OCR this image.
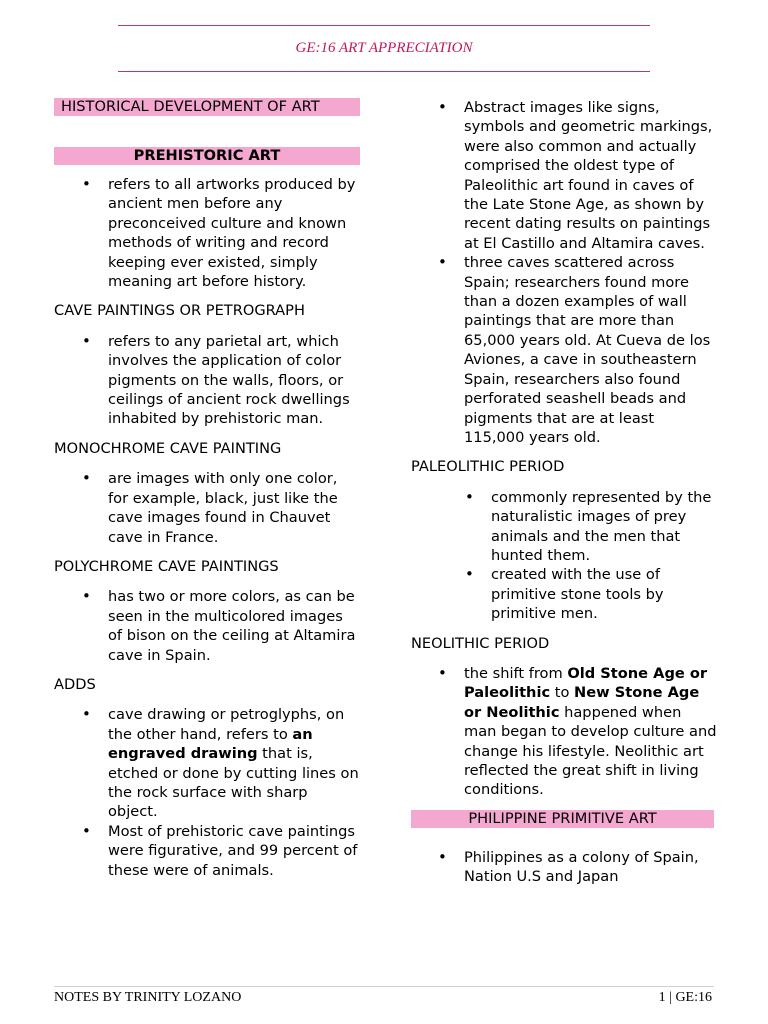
GE:16 ART APPRECIATION
HISTORICAL DEVELOPMENT OF ART
PREHISTORIC ART
• refers to all artworks produced by ancient men before any preconceived culture and known methods of writing and record keeping ever existed, simply meaning art before history.
CAVE PAINTINGS OR PETROGRAPH
• refers to any parietal art, which involves the application of color pigments on the walls, floors, or ceilings of ancient rock dwellings inhabited by prehistoric man.
MONOCHROME CAVE PAINTING
• are images with only one color, for example, black, just like the cave images found in Chauvet cave in France.
POLYCHROME CAVE PAINTINGS
• has two or more colors, as can be seen in the multicolored images of bison on the ceiling at Altamira cave in Spain.
ADDS
• cave drawing or petroglyphs, on the other hand, refers to an engraved drawing that is, etched or done by cutting lines on the rock surface with sharp object.
• Most of prehistoric cave paintings were figurative, and 99 percent of these were of animals.
• Abstract images like signs, symbols and geometric markings, were also common and actually comprised the oldest type of Paleolithic art found in caves of the Late Stone Age, as shown by recent dating results on paintings at El Castillo and Altamira caves.
• three caves scattered across Spain; researchers found more than a dozen examples of wall paintings that are more than 65,000 years old. At Cueva de los Aviones, a cave in southeastern Spain, researchers also found perforated seashell beads and pigments that are at least 115,000 years old.
PALEOLITHIC PERIOD
• commonly represented by the naturalistic images of prey animals and the men that hunted them.
• created with the use of primitive stone tools by primitive men.
NEOLITHIC PERIOD
• the shift from Old Stone Age or Paleolithic to New Stone Age or Neolithic happened when man began to develop culture and change his lifestyle. Neolithic art reflected the great shift in living conditions.
PHILIPPINE PRIMITIVE ART
• Philippines as a colony of Spain, Nation U.S and Japan
NOTES BY TRINITY LOZANO	1 | GE:16
